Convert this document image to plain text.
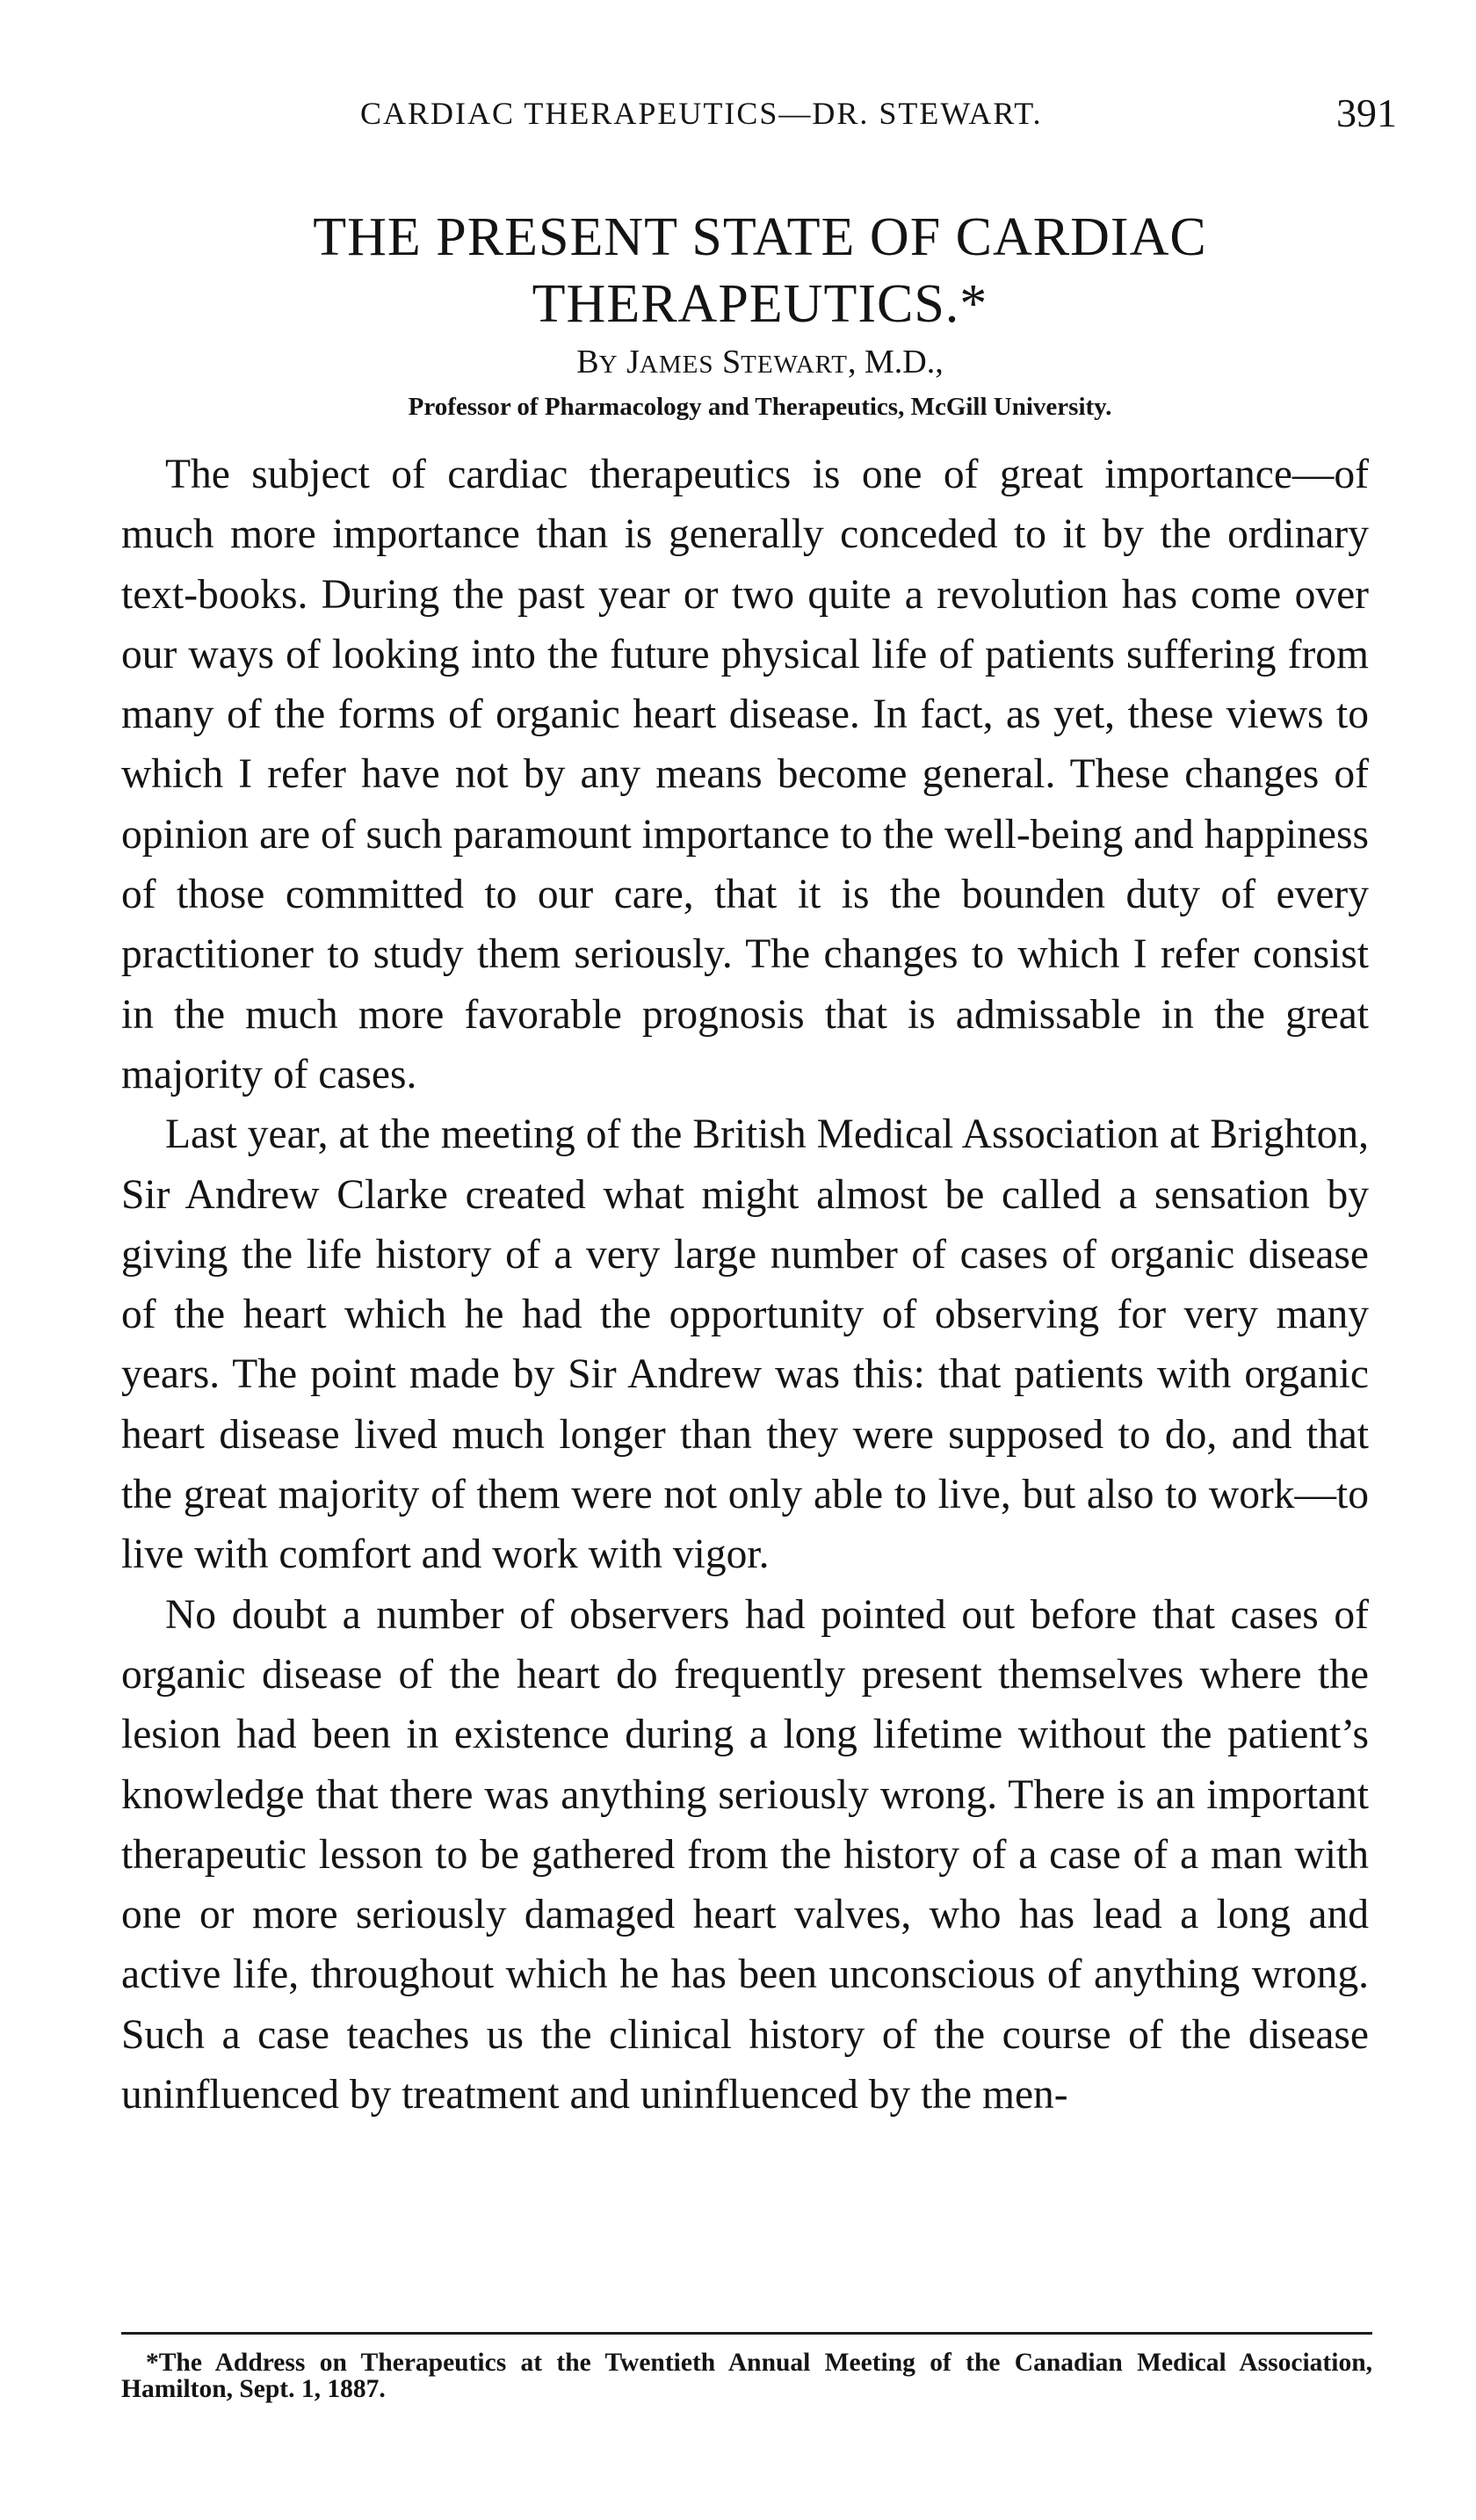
CARDIAC THERAPEUTICS—DR. STEWART.	391
THE PRESENT STATE OF CARDIAC THERAPEUTICS.*
BY JAMES STEWART, M.D.,
Professor of Pharmacology and Therapeutics, McGill University.

The subject of cardiac therapeutics is one of great importance—of much more importance than is generally conceded to it by the ordinary text-books. During the past year or two quite a revolution has come over our ways of looking into the future physical life of patients suffering from many of the forms of organic heart disease. In fact, as yet, these views to which I refer have not by any means become general. These changes of opinion are of such paramount importance to the well-being and happiness of those committed to our care, that it is the bounden duty of every practitioner to study them seriously. The changes to which I refer consist in the much more favorable prognosis that is admissable in the great majority of cases.

Last year, at the meeting of the British Medical Association at Brighton, Sir Andrew Clarke created what might almost be called a sensation by giving the life history of a very large number of cases of organic disease of the heart which he had the opportunity of observing for very many years. The point made by Sir Andrew was this: that patients with organic heart disease lived much longer than they were supposed to do, and that the great majority of them were not only able to live, but also to work—to live with comfort and work with vigor.

No doubt a number of observers had pointed out before that cases of organic disease of the heart do frequently present themselves where the lesion had been in existence during a long lifetime without the patient’s knowledge that there was anything seriously wrong. There is an important therapeutic lesson to be gathered from the history of a case of a man with one or more seriously damaged heart valves, who has lead a long and active life, throughout which he has been unconscious of anything wrong. Such a case teaches us the clinical history of the course of the disease uninfluenced by treatment and uninfluenced by the men-

*The Address on Therapeutics at the Twentieth Annual Meeting of the Canadian Medical Association, Hamilton, Sept. 1, 1887.
